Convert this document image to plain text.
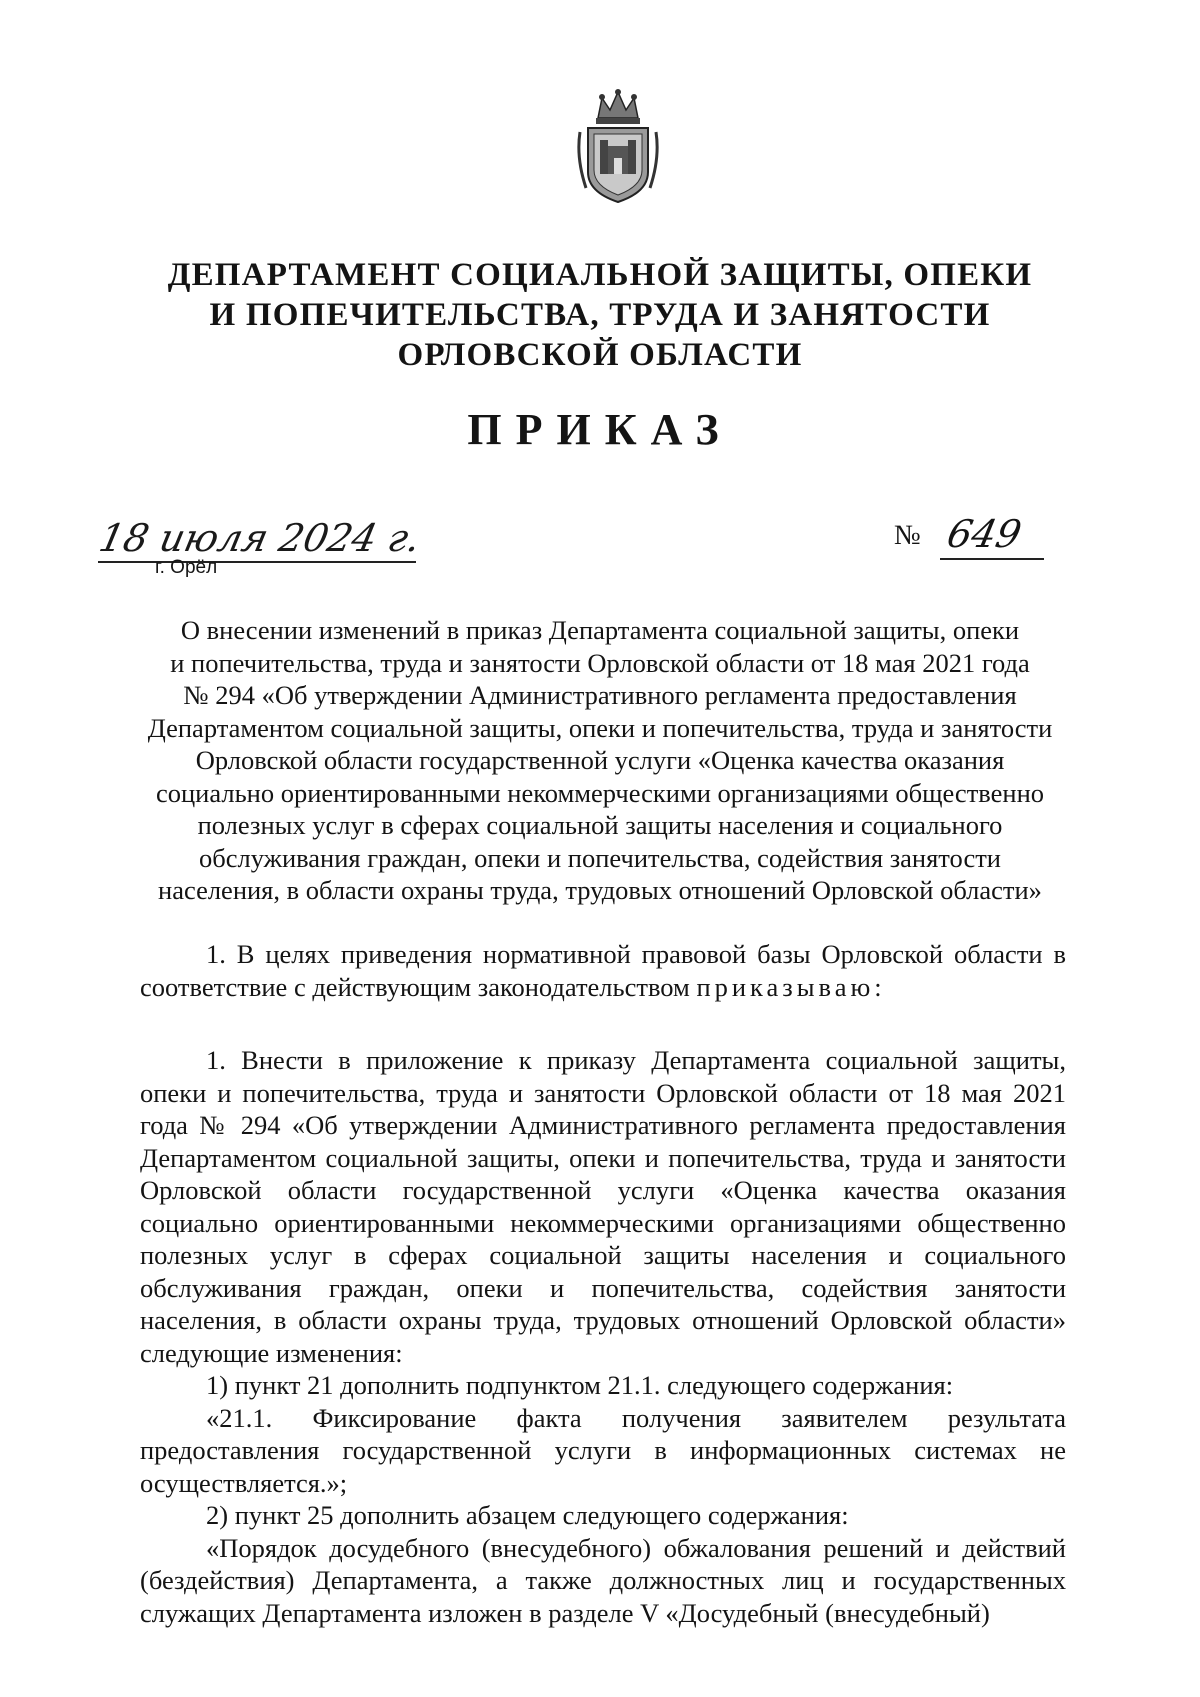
ДЕПАРТАМЕНТ СОЦИАЛЬНОЙ ЗАЩИТЫ, ОПЕКИ
И ПОПЕЧИТЕЛЬСТВА, ТРУДА И ЗАНЯТОСТИ
ОРЛОВСКОЙ ОБЛАСТИ
ПРИКАЗ
18 июля 2024 г.
г. Орёл
№ 649
О внесении изменений в приказ Департамента социальной защиты, опеки
и попечительства, труда и занятости Орловской области от 18 мая 2021 года
№ 294 «Об утверждении Административного регламента предоставления
Департаментом социальной защиты, опеки и попечительства, труда и занятости
Орловской области государственной услуги «Оценка качества оказания
социально ориентированными некоммерческими организациями общественно
полезных услуг в сферах социальной защиты населения и социального
обслуживания граждан, опеки и попечительства, содействия занятости
населения, в области охраны труда, трудовых отношений Орловской области»

1. В целях приведения нормативной правовой базы Орловской области в соответствие с действующим законодательством приказываю:

1. Внести в приложение к приказу Департамента социальной защиты, опеки и попечительства, труда и занятости Орловской области от 18 мая 2021 года № 294 «Об утверждении Административного регламента предоставления Департаментом социальной защиты, опеки и попечительства, труда и занятости Орловской области государственной услуги «Оценка качества оказания социально ориентированными некоммерческими организациями общественно полезных услуг в сферах социальной защиты населения и социального обслуживания граждан, опеки и попечительства, содействия занятости населения, в области охраны труда, трудовых отношений Орловской области» следующие изменения:

1) пункт 21 дополнить подпунктом 21.1. следующего содержания:

«21.1. Фиксирование факта получения заявителем результата предоставления государственной услуги в информационных системах не осуществляется.»;

2) пункт 25 дополнить абзацем следующего содержания:

«Порядок досудебного (внесудебного) обжалования решений и действий (бездействия) Департамента, а также должностных лиц и государственных служащих Департамента изложен в разделе V «Досудебный (внесудебный)
